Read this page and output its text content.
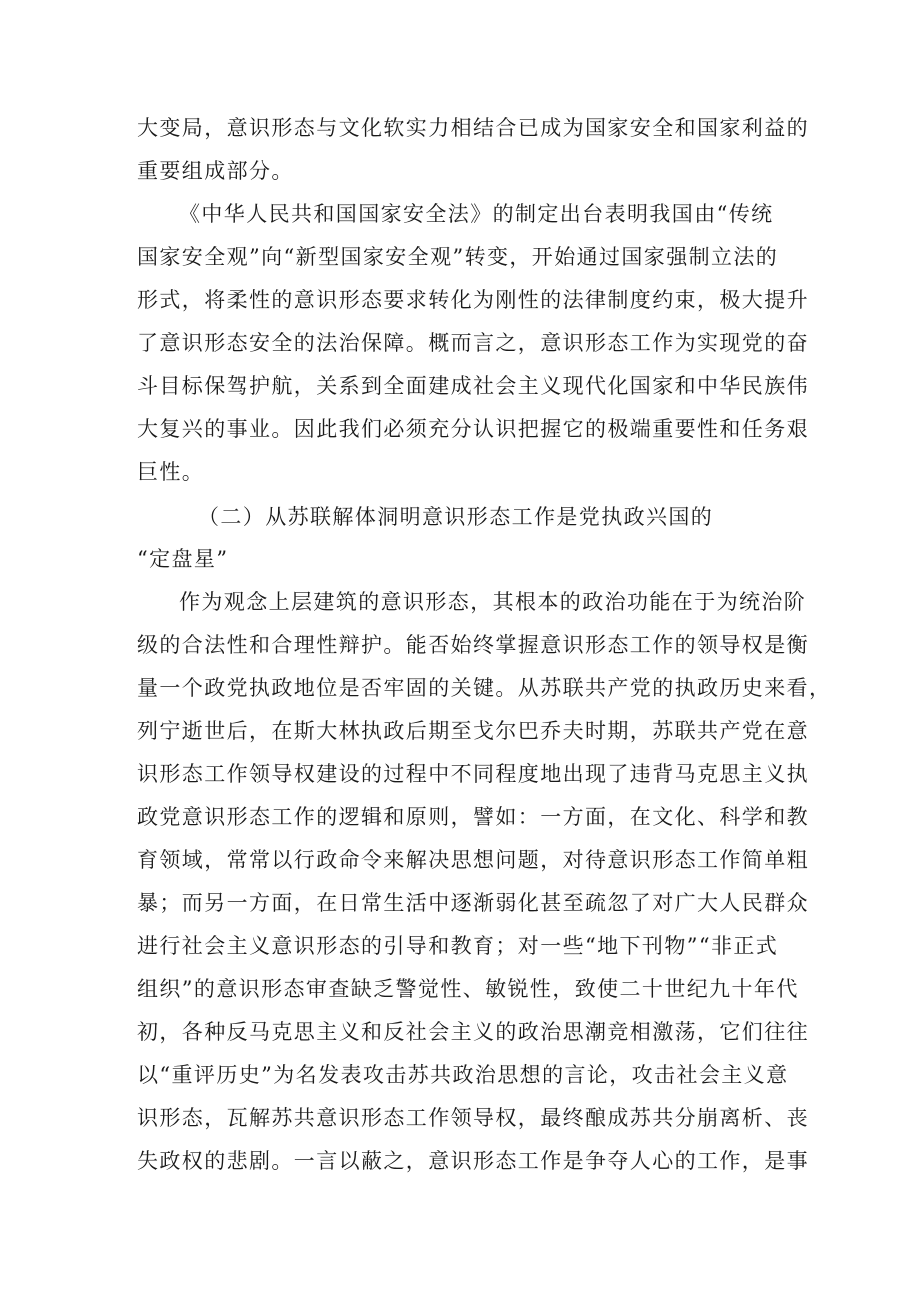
大变局，意识形态与文化软实力相结合已成为国家安全和国家利益的
重要组成部分。
《中华人民共和国国家安全法》的制定出台表明我国由“传统
国家安全观”向“新型国家安全观”转变，开始通过国家强制立法的
形式，将柔性的意识形态要求转化为刚性的法律制度约束，极大提升
了意识形态安全的法治保障。概而言之，意识形态工作为实现党的奋
斗目标保驾护航，关系到全面建成社会主义现代化国家和中华民族伟
大复兴的事业。因此我们必须充分认识把握它的极端重要性和任务艰
巨性。
（二）从苏联解体洞明意识形态工作是党执政兴国的
“定盘星”
作为观念上层建筑的意识形态，其根本的政治功能在于为统治阶
级的合法性和合理性辩护。能否始终掌握意识形态工作的领导权是衡
量一个政党执政地位是否牢固的关键。从苏联共产党的执政历史来看，
列宁逝世后，在斯大林执政后期至戈尔巴乔夫时期，苏联共产党在意
识形态工作领导权建设的过程中不同程度地出现了违背马克思主义执
政党意识形态工作的逻辑和原则，譬如：一方面，在文化、科学和教
育领域，常常以行政命令来解决思想问题，对待意识形态工作简单粗
暴；而另一方面，在日常生活中逐渐弱化甚至疏忽了对广大人民群众
进行社会主义意识形态的引导和教育；对一些“地下刊物”“非正式
组织”的意识形态审查缺乏警觉性、敏锐性，致使二十世纪九十年代
初，各种反马克思主义和反社会主义的政治思潮竞相激荡，它们往往
以“重评历史”为名发表攻击苏共政治思想的言论，攻击社会主义意
识形态，瓦解苏共意识形态工作领导权，最终酿成苏共分崩离析、丧
失政权的悲剧。一言以蔽之，意识形态工作是争夺人心的工作，是事
